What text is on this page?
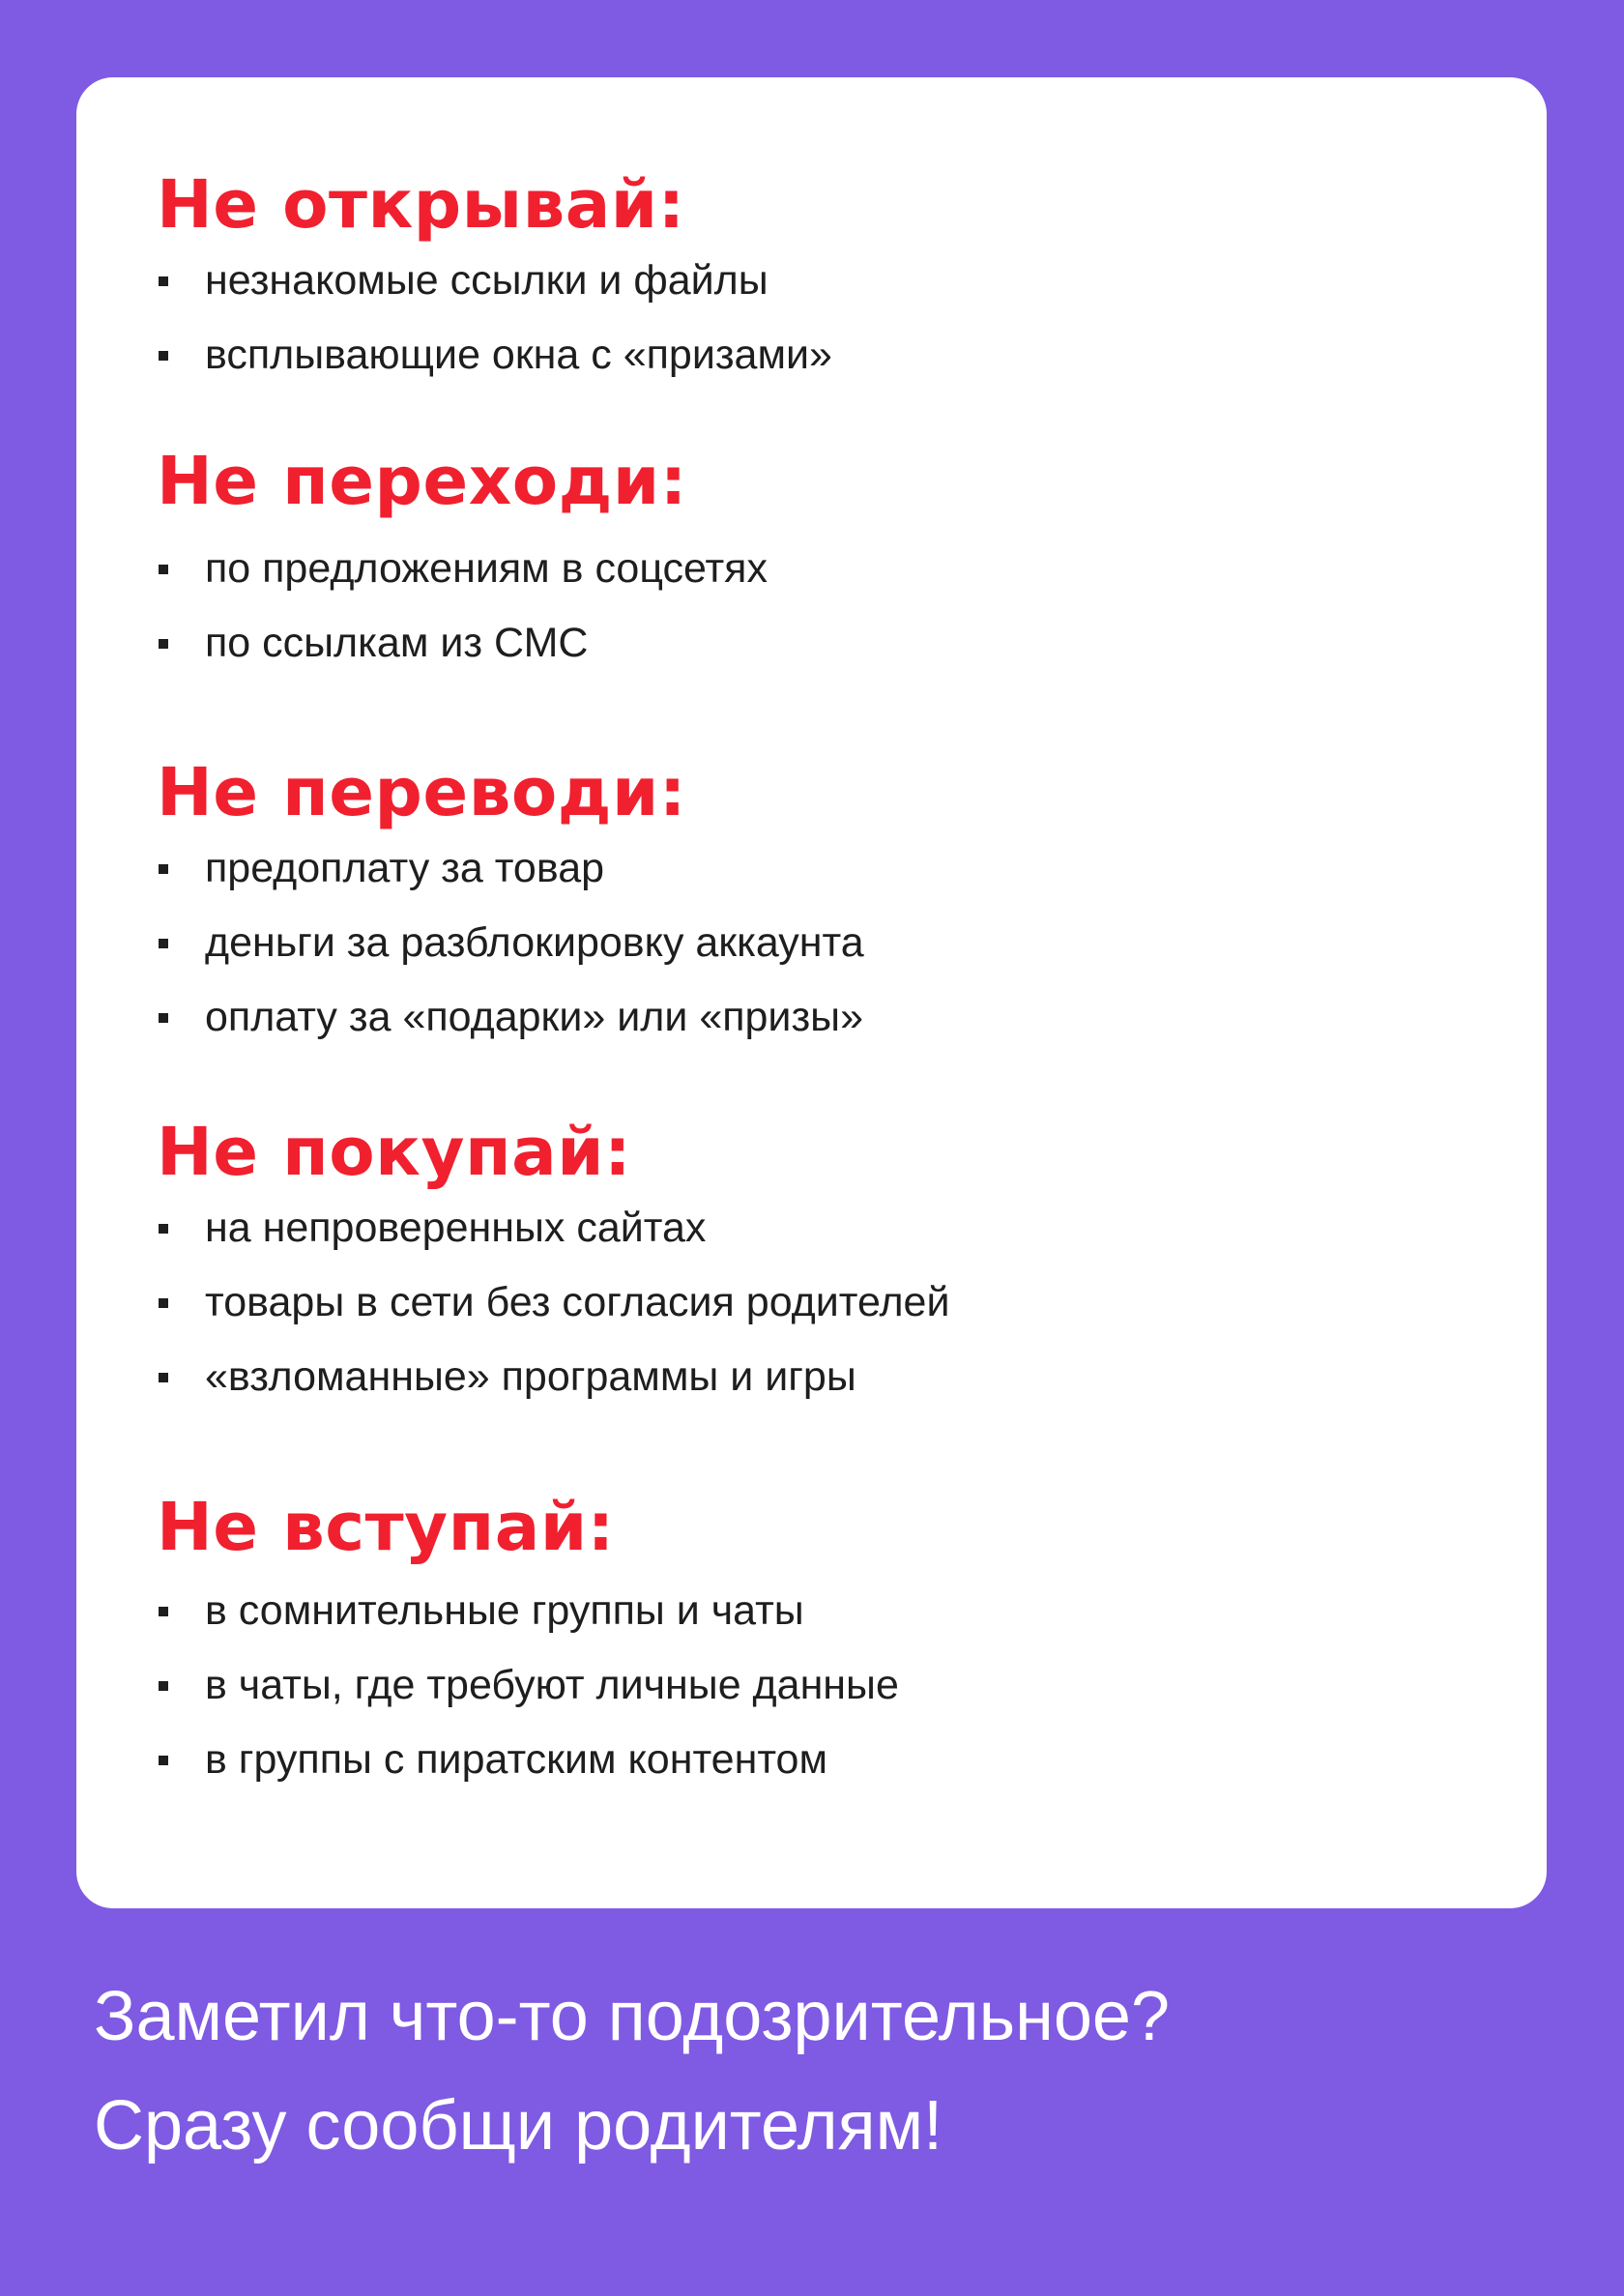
Не открывай:
незнакомые ссылки и файлы
всплывающие окна с «призами»
Не переходи:
по предложениям в соцсетях
по ссылкам из СМС
Не переводи:
предоплату за товар
деньги за разблокировку аккаунта
оплату за «подарки» или «призы»
Не покупай:
на непроверенных сайтах
товары в сети без согласия родителей
«взломанные» программы и игры
Не вступай:
в сомнительные группы и чаты
в чаты, где требуют личные данные
в группы с пиратским контентом
Заметил что-то подозрительное?
Сразу сообщи родителям!
